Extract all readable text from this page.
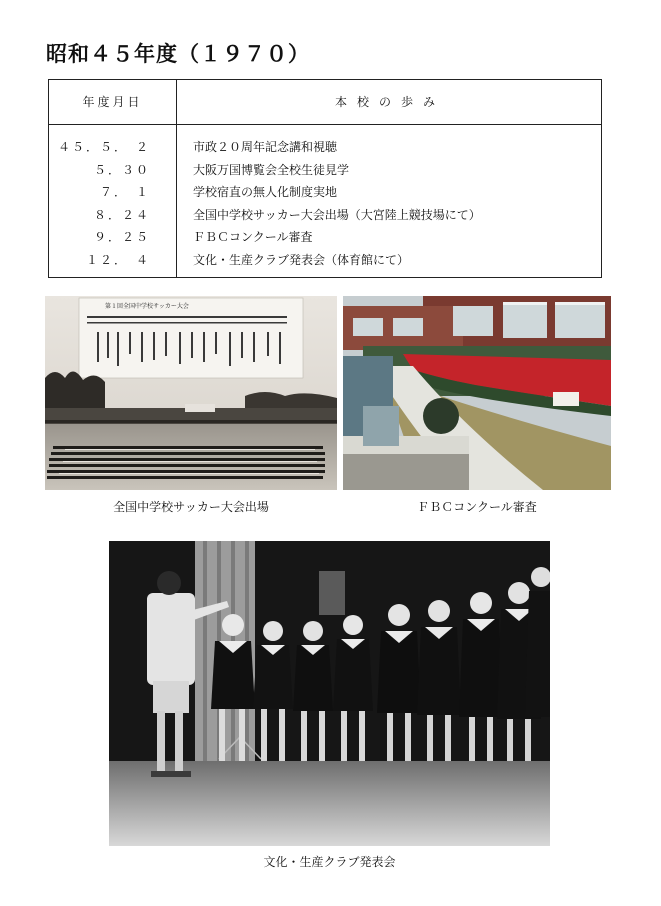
昭和４５年度（１９７０）
年度月日	本校の歩み
４５．５．　２	市政２０周年記念講和視聴
５．３０	大阪万国博覧会全校生徒見学
７．　１	学校宿直の無人化制度実地
８．２４	全国中学校サッカー大会出場（大宮陸上競技場にて）
９．２５	ＦＢＣコンクール審査
１２．　４	文化・生産クラブ発表会（体育館にて）
第１回全国中学校サッカー大会
全国中学校サッカー大会出場	ＦＢＣコンクール審査
文化・生産クラブ発表会
